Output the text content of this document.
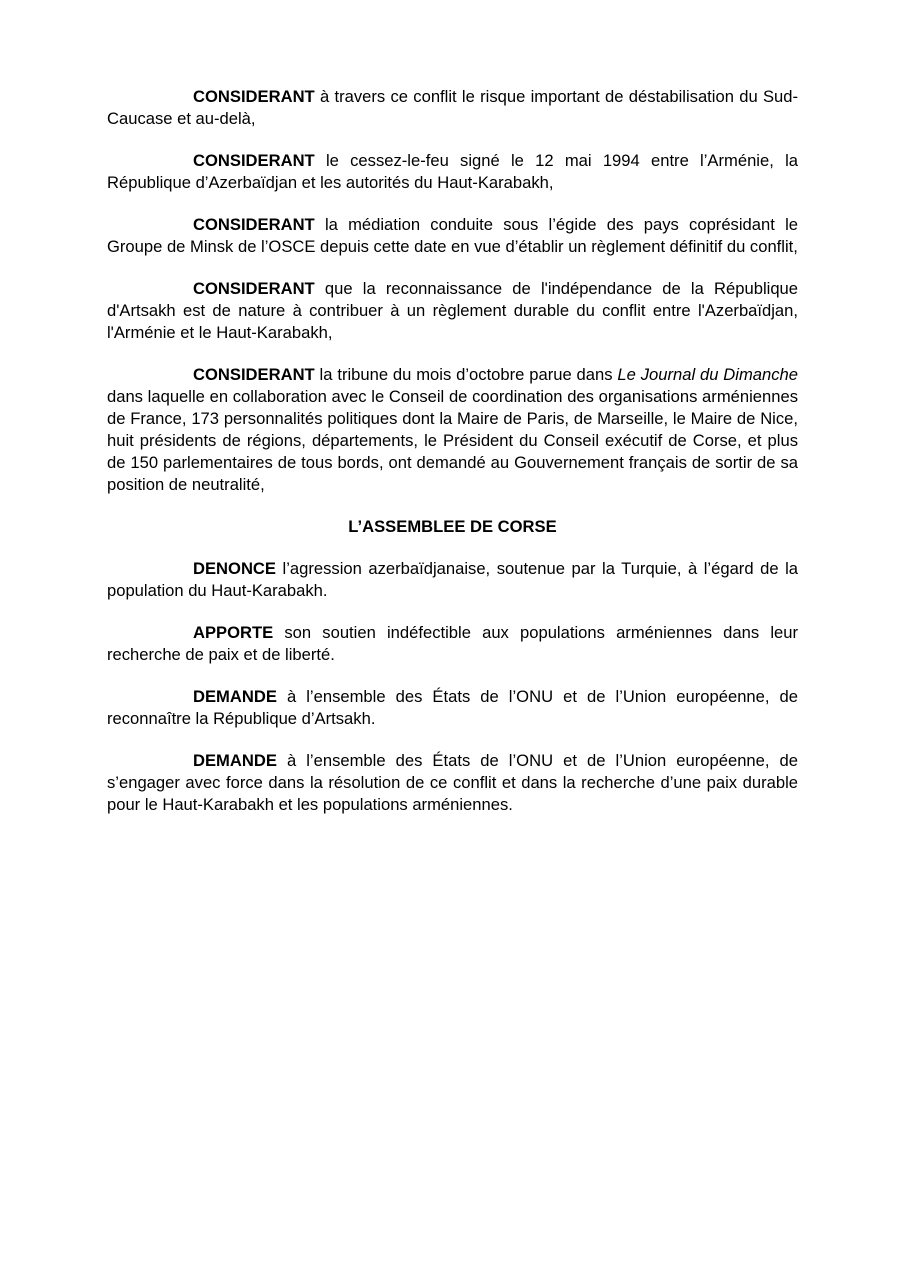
CONSIDERANT à travers ce conflit le risque important de déstabilisation du Sud-Caucase et au-delà,

CONSIDERANT le cessez-le-feu signé le 12 mai 1994 entre l’Arménie, la République d’Azerbaïdjan et les autorités du Haut-Karabakh,

CONSIDERANT la médiation conduite sous l’égide des pays coprésidant le Groupe de Minsk de l’OSCE depuis cette date en vue d’établir un règlement définitif du conflit,

CONSIDERANT que la reconnaissance de l'indépendance de la République d'Artsakh est de nature à contribuer à un règlement durable du conflit entre l'Azerbaïdjan, l'Arménie et le Haut-Karabakh,

CONSIDERANT la tribune du mois d’octobre parue dans Le Journal du Dimanche dans laquelle en collaboration avec le Conseil de coordination des organisations arméniennes de France, 173 personnalités politiques dont la Maire de Paris, de Marseille, le Maire de Nice, huit présidents de régions, départements, le Président du Conseil exécutif de Corse, et plus de 150 parlementaires de tous bords, ont demandé au Gouvernement français de sortir de sa position de neutralité,

L’ASSEMBLEE DE CORSE

DENONCE l’agression azerbaïdjanaise, soutenue par la Turquie, à l’égard de la population du Haut-Karabakh.

APPORTE son soutien indéfectible aux populations arméniennes dans leur recherche de paix et de liberté.

DEMANDE à l’ensemble des États de l’ONU et de l’Union européenne, de reconnaître la République d’Artsakh.

DEMANDE à l’ensemble des États de l’ONU et de l’Union européenne, de s’engager avec force dans la résolution de ce conflit et dans la recherche d’une paix durable pour le Haut-Karabakh et les populations arméniennes.
